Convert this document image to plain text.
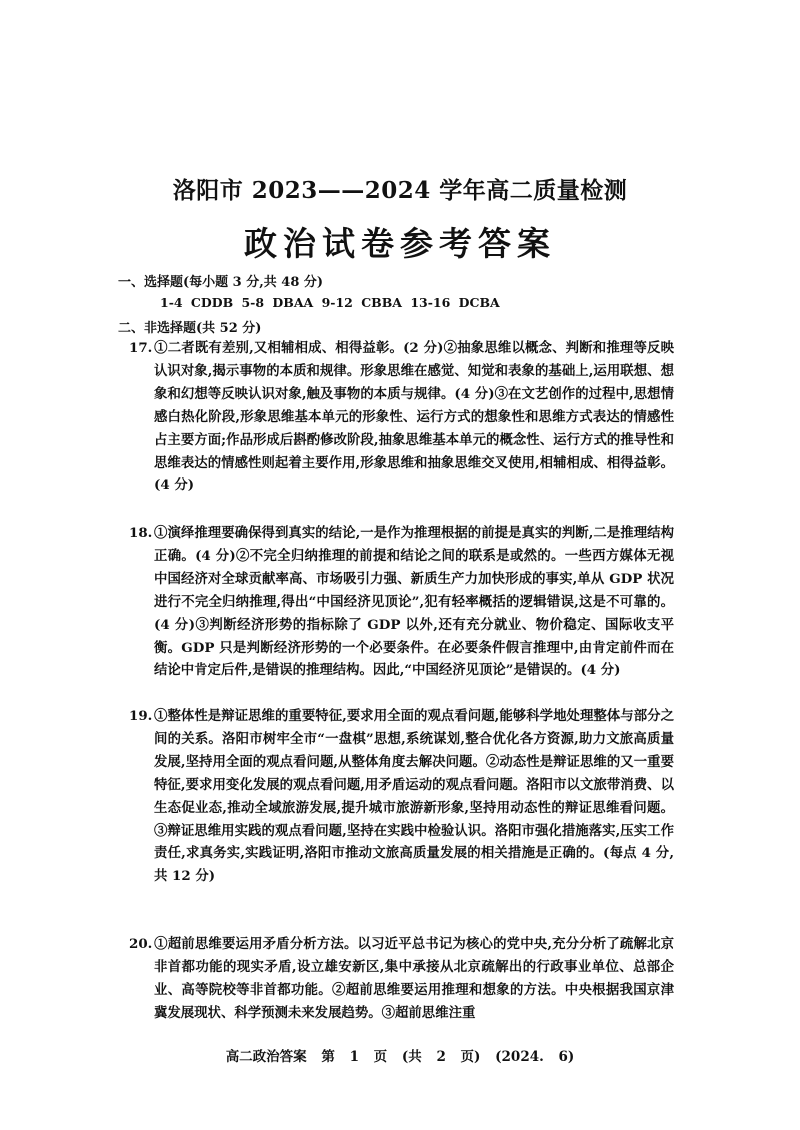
洛阳市 2023——2024 学年高二质量检测
政治试卷参考答案
一、选择题(每小题 3 分,共 48 分)
1-4 CDDB 5-8 DBAA 9-12 CBBA 13-16 DCBA
二、非选择题(共 52 分)
17. ①二者既有差别,又相辅相成、相得益彰。(2 分)②抽象思维以概念、判断和推理等反映认识对象,揭示事物的本质和规律。形象思维在感觉、知觉和表象的基础上,运用联想、想象和幻想等反映认识对象,触及事物的本质与规律。(4 分)③在文艺创作的过程中,思想情感白热化阶段,形象思维基本单元的形象性、运行方式的想象性和思维方式表达的情感性占主要方面;作品形成后斟酌修改阶段,抽象思维基本单元的概念性、运行方式的推导性和思维表达的情感性则起着主要作用,形象思维和抽象思维交叉使用,相辅相成、相得益彰。(4 分)
18. ①演绎推理要确保得到真实的结论,一是作为推理根据的前提是真实的判断,二是推理结构正确。(4 分)②不完全归纳推理的前提和结论之间的联系是或然的。一些西方媒体无视中国经济对全球贡献率高、市场吸引力强、新质生产力加快形成的事实,单从 GDP 状况进行不完全归纳推理,得出“中国经济见顶论”,犯有轻率概括的逻辑错误,这是不可靠的。(4 分)③判断经济形势的指标除了 GDP 以外,还有充分就业、物价稳定、国际收支平衡。GDP 只是判断经济形势的一个必要条件。在必要条件假言推理中,由肯定前件而在结论中肯定后件,是错误的推理结构。因此,“中国经济见顶论”是错误的。(4 分)
19. ①整体性是辩证思维的重要特征,要求用全面的观点看问题,能够科学地处理整体与部分之间的关系。洛阳市树牢全市“一盘棋”思想,系统谋划,整合优化各方资源,助力文旅高质量发展,坚持用全面的观点看问题,从整体角度去解决问题。②动态性是辩证思维的又一重要特征,要求用变化发展的观点看问题,用矛盾运动的观点看问题。洛阳市以文旅带消费、以生态促业态,推动全域旅游发展,提升城市旅游新形象,坚持用动态性的辩证思维看问题。③辩证思维用实践的观点看问题,坚持在实践中检验认识。洛阳市强化措施落实,压实工作责任,求真务实,实践证明,洛阳市推动文旅高质量发展的相关措施是正确的。(每点 4 分,共 12 分)
20. ①超前思维要运用矛盾分析方法。以习近平总书记为核心的党中央,充分分析了疏解北京非首都功能的现实矛盾,设立雄安新区,集中承接从北京疏解出的行政事业单位、总部企业、高等院校等非首都功能。②超前思维要运用推理和想象的方法。中央根据我国京津冀发展现状、科学预测未来发展趋势。③超前思维注重
高二政治答案 第 1 页 (共 2 页) (2024. 6)
